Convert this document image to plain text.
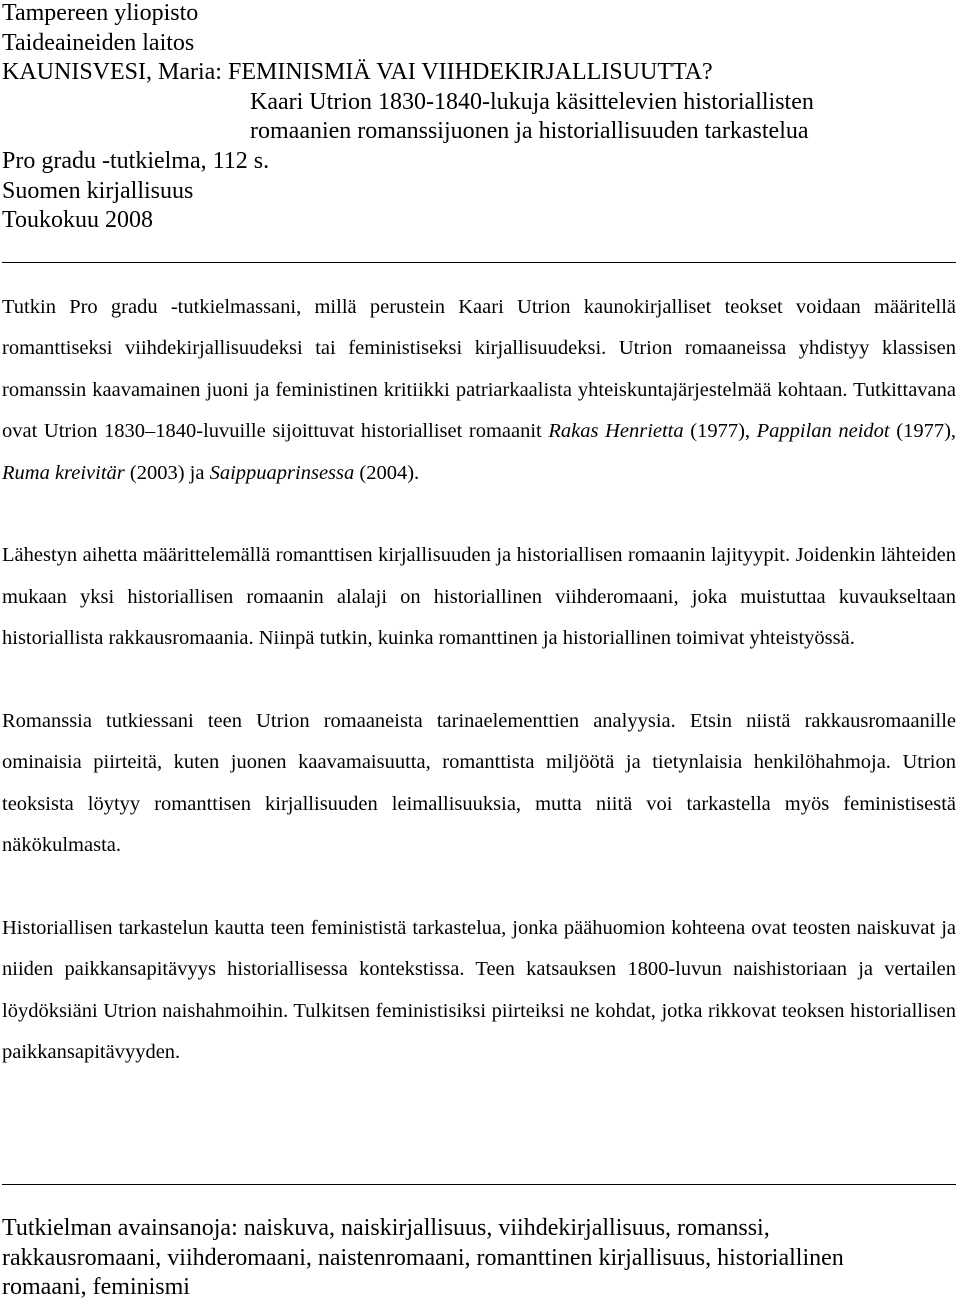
Tampereen yliopisto
Taideaineiden laitos
KAUNISVESI, Maria: FEMINISMIÄ VAI VIIHDEKIRJALLISUUTTA?
Kaari Utrion 1830-1840-lukuja käsittelevien historiallisten
romaanien romanssijuonen ja historiallisuuden tarkastelua
Pro gradu -tutkielma, 112 s.
Suomen kirjallisuus
Toukokuu 2008

Tutkin Pro gradu -tutkielmassani, millä perustein Kaari Utrion kaunokirjalliset teokset voidaan määritellä romanttiseksi viihdekirjallisuudeksi tai feministiseksi kirjallisuudeksi. Utrion romaaneissa yhdistyy klassisen romanssin kaavamainen juoni ja feministinen kritiikki patriarkaalista yhteiskuntajärjestelmää kohtaan. Tutkittavana ovat Utrion 1830–1840-luvuille sijoittuvat historialliset romaanit Rakas Henrietta (1977), Pappilan neidot (1977), Ruma kreivitär (2003) ja Saippuaprinsessa (2004).

Lähestyn aihetta määrittelemällä romanttisen kirjallisuuden ja historiallisen romaanin lajityypit. Joidenkin lähteiden mukaan yksi historiallisen romaanin alalaji on historiallinen viihderomaani, joka muistuttaa kuvaukseltaan historiallista rakkausromaania. Niinpä tutkin, kuinka romanttinen ja historiallinen toimivat yhteistyössä.

Romanssia tutkiessani teen Utrion romaaneista tarinaelementtien analyysia. Etsin niistä rakkausromaanille ominaisia piirteitä, kuten juonen kaavamaisuutta, romanttista miljöötä ja tietynlaisia henkilöhahmoja. Utrion teoksista löytyy romanttisen kirjallisuuden leimallisuuksia, mutta niitä voi tarkastella myös feministisestä näkökulmasta.

Historiallisen tarkastelun kautta teen feminististä tarkastelua, jonka päähuomion kohteena ovat teosten naiskuvat ja niiden paikkansapitävyys historiallisessa kontekstissa. Teen katsauksen 1800-luvun naishistoriaan ja vertailen löydöksiäni Utrion naishahmoihin. Tulkitsen feministisiksi piirteiksi ne kohdat, jotka rikkovat teoksen historiallisen paikkansapitävyyden.

Tutkielman avainsanoja: naiskuva, naiskirjallisuus, viihdekirjallisuus, romanssi,
rakkausromaani, viihderomaani, naistenromaani, romanttinen kirjallisuus, historiallinen
romaani, feminismi
